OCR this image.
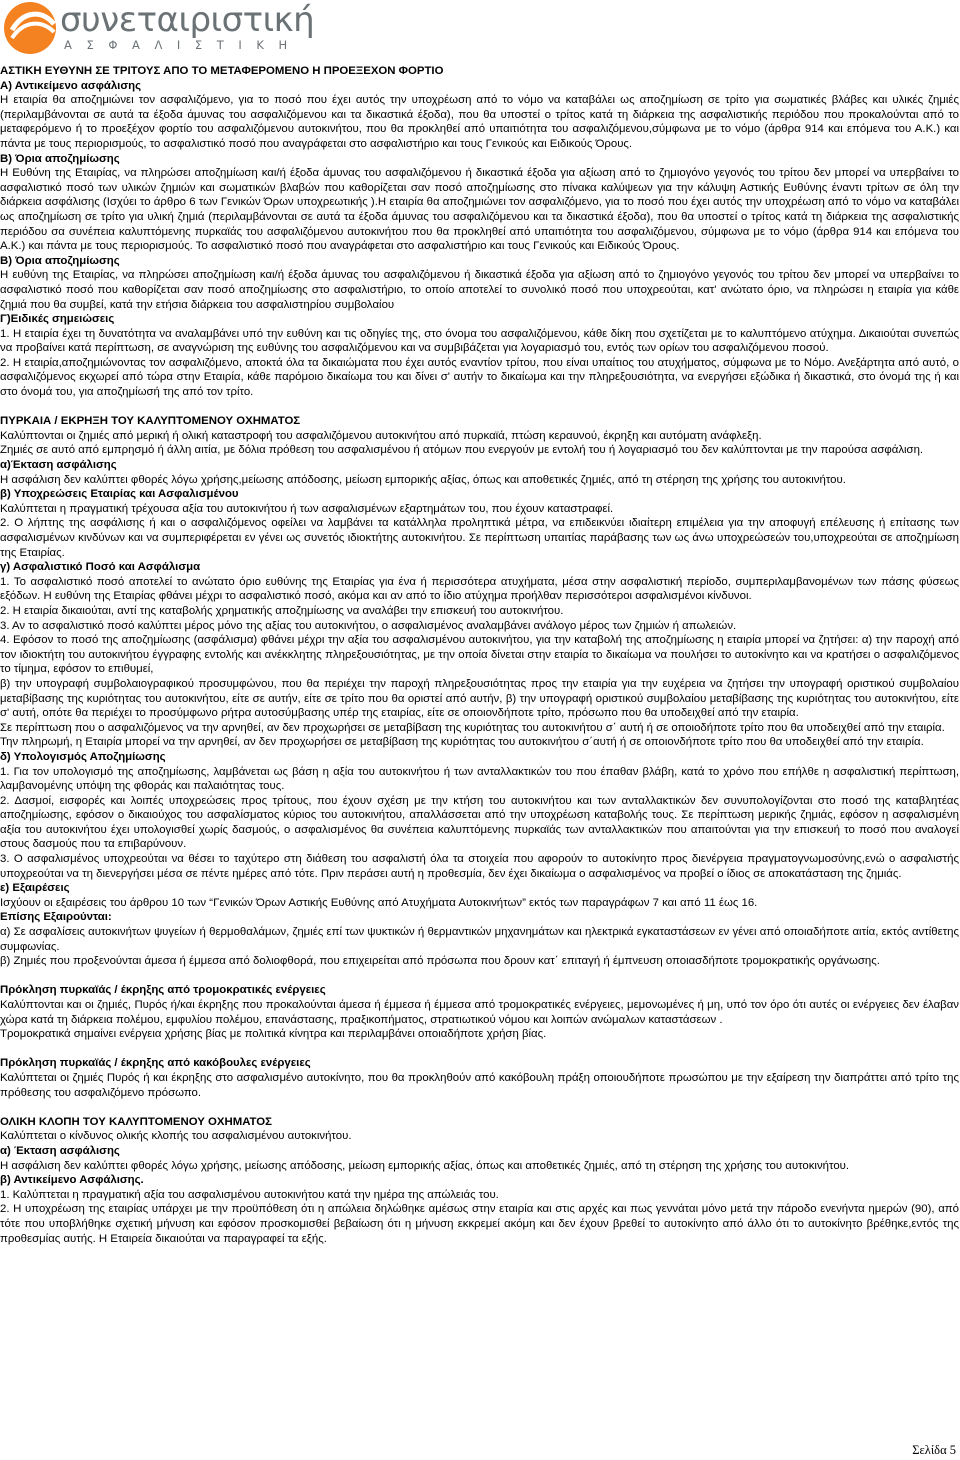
συνεταιριστική
ΑΣΦΑΛΙΣΤΙΚΗ

ΑΣΤΙΚΗ ΕΥΘΥΝΗ ΣΕ ΤΡΙΤΟΥΣ ΑΠΟ ΤΟ ΜΕΤΑΦΕΡΟΜΕΝΟ Η ΠΡΟΕΞΕΧΟΝ ΦΟΡΤΙΟ

Α) Αντικείμενο ασφάλισης

Η εταιρία θα αποζημιώνει τον ασφαλιζόμενο, για το ποσό που έχει αυτός την υποχρέωση από το νόμο να καταβάλει ως αποζημίωση σε τρίτο για σωματικές βλάβες και υλικές ζημιές (περιλαμβάνονται σε αυτά τα έξοδα άμυνας του ασφαλιζόμενου και τα δικαστικά έξοδα), που θα υποστεί ο τρίτος κατά τη διάρκεια της ασφαλιστικής περιόδου που προκαλούνται από το μεταφερόμενο ή το προεξέχον φορτίο του ασφαλιζόμενου αυτοκινήτου, που θα προκληθεί από υπαιτιότητα του ασφαλιζόμενου,σύμφωνα με το νόμο (άρθρα 914 και επόμενα του Α.Κ.) και πάντα με τους περιορισμούς, το ασφαλιστικό ποσό που αναγράφεται στο ασφαλιστήριο και τους Γενικούς και Ειδικούς Όρους.

Β) Όρια αποζημίωσης

Η Ευθύνη της Εταιρίας, να πληρώσει αποζημίωση και/ή έξοδα άμυνας του ασφαλιζόμενου ή δικαστικά έξοδα για αξίωση από το ζημιογόνο γεγονός του τρίτου δεν μπορεί να υπερβαίνει το ασφαλιστικό ποσό των υλικών ζημιών και σωματικών βλαβών που καθορίζεται σαν ποσό αποζημίωσης στο πίνακα καλύψεων για την κάλυψη Αστικής Ευθύνης έναντι τρίτων σε όλη την διάρκεια ασφάλισης (Ισχύει το άρθρο 6 των Γενικών Όρων υποχρεωτικής ).Η εταιρία θα αποζημιώνει τον ασφαλιζόμενο, για το ποσό που έχει αυτός την υποχρέωση από το νόμο να καταβάλει ως αποζημίωση σε τρίτο για υλική ζημιά (περιλαμβάνονται σε αυτά τα έξοδα άμυνας του ασφαλιζόμενου και τα δικαστικά έξοδα), που θα υποστεί ο τρίτος κατά τη διάρκεια της ασφαλιστικής περιόδου σα συνέπεια καλυπτόμενης πυρκαϊάς του ασφαλιζόμενου αυτοκινήτου που θα προκληθεί από υπαιτιότητα του ασφαλιζόμενου, σύμφωνα με το νόμο (άρθρα 914 και επόμενα του Α.Κ.) και πάντα με τους περιορισμούς. Το ασφαλιστικό ποσό που αναγράφεται στο ασφαλιστήριο και τους Γενικούς και Ειδικούς Όρους.

Β) Όρια αποζημίωσης

Η ευθύνη της Εταιρίας, να πληρώσει αποζημίωση και/ή έξοδα άμυνας του ασφαλιζόμενου ή δικαστικά έξοδα για αξίωση από το ζημιογόνο γεγονός του τρίτου δεν μπορεί να υπερβαίνει το ασφαλιστικό ποσό που καθορίζεται σαν ποσό αποζημίωσης στο ασφαλιστήριο, το οποίο αποτελεί το συνολικό ποσό που υποχρεούται, κατ' ανώτατο όριο, να πληρώσει η εταιρία για κάθε ζημιά που θα συμβεί, κατά την ετήσια διάρκεια του ασφαλιστηρίου συμβολαίου

Γ)Ειδικές σημειώσεις

1. Η εταιρία έχει τη δυνατότητα να αναλαμβάνει υπό την ευθύνη και τις οδηγίες της, στο όνομα του ασφαλιζόμενου, κάθε δίκη που σχετίζεται με το καλυπτόμενο ατύχημα. Δικαιούται συνεπώς να προβαίνει κατά περίπτωση, σε αναγνώριση της ευθύνης του ασφαλιζόμενου και να συμβιβάζεται για λογαριασμό του, εντός των ορίων του ασφαλιζόμενου ποσού.

2. Η εταιρία,αποζημιώνοντας τον ασφαλιζόμενο, αποκτά όλα τα δικαιώματα που έχει αυτός εναντίον τρίτου, που είναι υπαίτιος του ατυχήματος, σύμφωνα με το Νόμο. Ανεξάρτητα από αυτό, ο ασφαλιζόμενος εκχωρεί από τώρα στην Εταιρία, κάθε παρόμοιο δικαίωμα του και δίνει σ' αυτήν το δικαίωμα και την πληρεξουσιότητα, να ενεργήσει εξώδικα ή δικαστικά, στο όνομά της ή και στο όνομά του, για αποζημίωσή της από τον τρίτο.

ΠΥΡΚΑΙΑ / ΕΚΡΗΞΗ ΤΟΥ ΚΑΛΥΠΤΟΜΕΝΟΥ ΟΧΗΜΑΤΟΣ

Καλύπτονται οι ζημιές από μερική ή ολική καταστροφή του ασφαλιζόμενου αυτοκινήτου από πυρκαϊά, πτώση κεραυνού, έκρηξη και αυτόματη ανάφλεξη.

Ζημιές σε αυτό από εμπρησμό ή άλλη αιτία, με δόλια πρόθεση του ασφαλισμένου ή ατόμων που ενεργούν με εντολή του ή λογαριασμό του δεν καλύπτονται με την παρούσα ασφάλιση.

α)Έκταση ασφάλισης

Η ασφάλιση δεν καλύπτει φθορές λόγω χρήσης,μείωσης απόδοσης, μείωση εμπορικής αξίας, όπως και αποθετικές ζημιές, από τη στέρηση της χρήσης του αυτοκινήτου.

β) Υποχρεώσεις Εταιρίας και Ασφαλισμένου

Καλύπτεται η πραγματική τρέχουσα αξία του αυτοκινήτου ή των ασφαλισμένων εξαρτημάτων του, που έχουν καταστραφεί.

2. Ο λήπτης της ασφάλισης ή και ο ασφαλιζόμενος οφείλει να λαμβάνει τα κατάλληλα προληπτικά μέτρα, να επιδεικνύει ιδιαίτερη επιμέλεια για την αποφυγή επέλευσης ή επίτασης των ασφαλισμένων κινδύνων και να συμπεριφέρεται εν γένει ως συνετός ιδιοκτήτης αυτοκινήτου. Σε περίπτωση υπαιτίας παράβασης των ως άνω υποχρεώσεών του,υποχρεούται σε αποζημίωση της Εταιρίας.

γ) Ασφαλιστικό Ποσό και Ασφάλισμα

1. Το ασφαλιστικό ποσό αποτελεί το ανώτατο όριο ευθύνης της Εταιρίας για ένα ή περισσότερα ατυχήματα, μέσα στην ασφαλιστική περίοδο, συμπεριλαμβανομένων των πάσης φύσεως εξόδων. Η ευθύνη της Εταιρίας φθάνει μέχρι το ασφαλιστικό ποσό, ακόμα και αν από το ίδιο ατύχημα προήλθαν περισσότεροι ασφαλισμένοι κίνδυνοι.

2. Η εταιρία δικαιούται, αντί της καταβολής χρηματικής αποζημίωσης να αναλάβει την επισκευή του αυτοκινήτου.

3. Αν το ασφαλιστικό ποσό καλύπτει μέρος μόνο της αξίας του αυτοκινήτου, ο ασφαλισμένος αναλαμβάνει ανάλογο μέρος των ζημιών ή απωλειών.

4. Εφόσον το ποσό της αποζημίωσης (ασφάλισμα) φθάνει μέχρι την αξία του ασφαλισμένου αυτοκινήτου, για την καταβολή της αποζημίωσης η εταιρία μπορεί να ζητήσει: α) την παροχή από τον ιδιοκτήτη του αυτοκινήτου έγγραφης εντολής και ανέκκλητης πληρεξουσιότητας, με την οποία δίνεται στην εταιρία το δικαίωμα να πουλήσει το αυτοκίνητο και να κρατήσει ο ασφαλιζόμενος το τίμημα, εφόσον το επιθυμεί,

β) την υπογραφή συμβολαιογραφικού προσυμφώνου, που θα περιέχει την παροχή πληρεξουσιότητας προς την εταιρία για την ευχέρεια να ζητήσει την υπογραφή οριστικού συμβολαίου μεταβίβασης της κυριότητας του αυτοκινήτου, είτε σε αυτήν, είτε σε τρίτο που θα οριστεί από αυτήν, β) την υπογραφή οριστικού συμβολαίου μεταβίβασης της κυριότητας του αυτοκινήτου, είτε σ' αυτή, οπότε θα περιέχει το προσύμφωνο ρήτρα αυτοσύμβασης υπέρ της εταιρίας, είτε σε οποιονδήποτε τρίτο, πρόσωπο που θα υποδειχθεί από την εταιρία.

Σε περίπτωση που ο ασφαλιζόμενος να την αρνηθεί, αν δεν προχωρήσει σε μεταβίβαση της κυριότητας του αυτοκινήτου σ΄ αυτή ή σε οποιοδήποτε τρίτο που θα υποδειχθεί από την εταιρία.

Την πληρωμή, η Εταιρία μπορεί να την αρνηθεί, αν δεν προχωρήσει σε μεταβίβαση της κυριότητας του αυτοκινήτου σ΄αυτή ή σε οποιονδήποτε τρίτο που θα υποδειχθεί από την εταιρία.

δ) Υπολογισμός Αποζημίωσης

1. Για τον υπολογισμό της αποζημίωσης, λαμβάνεται ως βάση η αξία του αυτοκινήτου ή των ανταλλακτικών του που έπαθαν βλάβη, κατά το χρόνο που επήλθε η ασφαλιστική περίπτωση, λαμβανομένης υπόψη της φθοράς και παλαιότητας τους.

2. Δασμοί, εισφορές και λοιπές υποχρεώσεις προς τρίτους, που έχουν σχέση με την κτήση του αυτοκινήτου και των ανταλλακτικών δεν συνυπολογίζονται στο ποσό της καταβλητέας αποζημίωσης, εφόσον ο δικαιούχος του ασφαλίσματος κύριος του αυτοκινήτου, απαλλάσσεται από την υποχρέωση καταβολής τους. Σε περίπτωση μερικής ζημιάς, εφόσον η ασφαλισμένη αξία του αυτοκινήτου έχει υπολογισθεί χωρίς δασμούς, ο ασφαλισμένος θα συνέπεια καλυπτόμενης πυρκαϊάς των ανταλλακτικών που απαιτούνται για την επισκευή το ποσό που αναλογεί στους δασμούς που τα επιβαρύνουν.

3. Ο ασφαλισμένος υποχρεούται να θέσει το ταχύτερο στη διάθεση του ασφαλιστή όλα τα στοιχεία που αφορούν το αυτοκίνητο προς διενέργεια πραγματογνωμοσύνης,ενώ ο ασφαλιστής υποχρεούται να τη διενεργήσει μέσα σε πέντε ημέρες από τότε. Πριν περάσει αυτή η προθεσμία, δεν έχει δικαίωμα ο ασφαλισμένος να προβεί ο ίδιος σε αποκατάσταση της ζημιάς.

ε) Εξαιρέσεις

Ισχύουν οι εξαιρέσεις του άρθρου 10 των “Γενικών Όρων Αστικής Ευθύνης από Ατυχήματα Αυτοκινήτων” εκτός των παραγράφων 7 και από 11 έως 16.

Επίσης Εξαιρούνται:

α) Σε ασφαλίσεις αυτοκινήτων ψυγείων ή θερμοθαλάμων, ζημιές επί των ψυκτικών ή θερμαντικών μηχανημάτων και ηλεκτρικά εγκαταστάσεων εν γένει από οποιαδήποτε αιτία, εκτός αντίθετης συμφωνίας.

β) Ζημιές που προξενούνται άμεσα ή έμμεσα από δολιοφθορά, που επιχειρείται από πρόσωπα που δρουν κατ΄ επιταγή ή έμπνευση οποιασδήποτε τρομοκρατικής οργάνωσης.

Πρόκληση πυρκαϊάς / έκρηξης από τρομοκρατικές ενέργειες

Καλύπτονται και οι ζημιές, Πυρός ή/και έκρηξης που προκαλούνται άμεσα ή έμμεσα ή έμμεσα από τρομοκρατικές ενέργειες, μεμονωμένες ή μη, υπό τον όρο ότι αυτές οι ενέργειες δεν έλαβαν χώρα κατά τη διάρκεια πολέμου, εμφυλίου πολέμου, επανάστασης, πραξικοπήματος, στρατιωτικού νόμου και λοιπών ανώμαλων καταστάσεων .

Τρομοκρατικά σημαίνει ενέργεια χρήσης βίας με πολιτικά κίνητρα και περιλαμβάνει οποιαδήποτε χρήση βίας.

Πρόκληση πυρκαϊάς / έκρηξης από κακόβουλες ενέργειες

Καλύπτεται οι ζημιές Πυρός ή και έκρηξης στο ασφαλισμένο αυτοκίνητο, που θα προκληθούν από κακόβουλη πράξη οποιουδήποτε πρωσώπου με την εξαίρεση την διαπράττει από τρίτο της πρόθεσης του ασφαλιζόμενο πρόσωπο.

ΟΛΙΚΗ ΚΛΟΠΗ ΤΟΥ ΚΑΛΥΠΤΟΜΕΝΟΥ ΟΧΗΜΑΤΟΣ

Καλύπτεται ο κίνδυνος ολικής κλοπής του ασφαλισμένου αυτοκινήτου.

α) Έκταση ασφάλισης

Η ασφάλιση δεν καλύπτει φθορές λόγω χρήσης, μείωσης απόδοσης, μείωση εμπορικής αξίας, όπως και αποθετικές ζημιές, από τη στέρηση της χρήσης του αυτοκινήτου.

β) Αντικείμενο Ασφάλισης.

1. Καλύπτεται η πραγματική αξία του ασφαλισμένου αυτοκινήτου κατά την ημέρα της απώλειάς του.

2. Η υποχρέωση της εταιρίας υπάρχει με την προϋπόθεση ότι η απώλεια δηλώθηκε αμέσως στην εταιρία και στις αρχές και πως γεννάται μόνο μετά την πάροδο ενενήντα ημερών (90), από τότε που υποβλήθηκε σχετική μήνυση και εφόσον προσκομισθεί βεβαίωση ότι η μήνυση εκκρεμεί ακόμη και δεν έχουν βρεθεί το αυτοκίνητο από άλλο ότι το αυτοκίνητο βρέθηκε,εντός της προθεσμίας αυτής. Η Εταιρεία δικαιούται να παραγραφεί τα εξής.

Σελίδα 5
